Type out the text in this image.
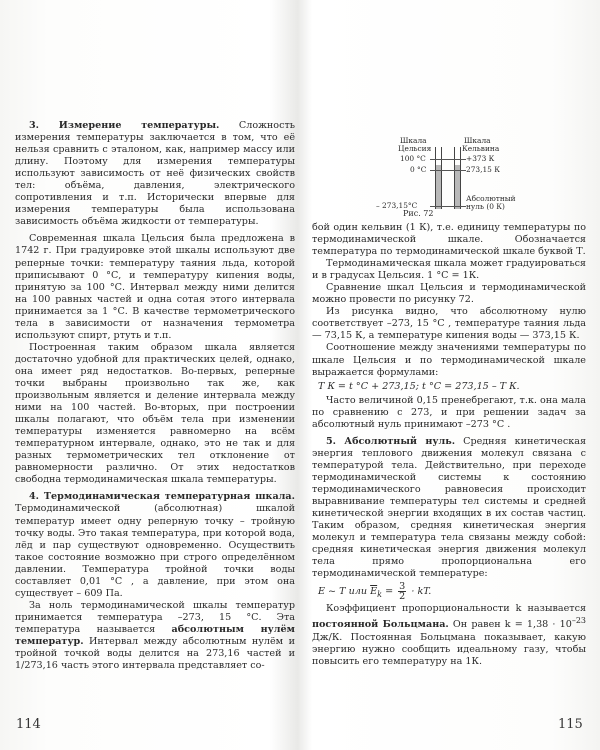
3. Измерение температуры. Сложность измерения температуры заключается в том, что её нельзя сравнить с эталоном, как, например массу или длину. Поэтому для измерения температуры используют зависимость от неё физических свойств тел: объёма, давления, электрического сопротивления и т.п. Исторически впервые для измерения температуры была использована зависимость объёма жидкости от температуры.

Современная шкала Цельсия была предложена в 1742 г. При градуировке этой шкалы используют две реперные точки: температуру таяния льда, которой приписывают 0 °С, и температуру кипения воды, принятую за 100 °С. Интервал между ними делится на 100 равных частей и одна сотая этого интервала принимается за 1 °С. В качестве термометрического тела в зависимости от назначения термометра используют спирт, ртуть и т.п.

Построенная таким образом шкала является достаточно удобной для практических целей, однако, она имеет ряд недостатков. Во-первых, реперные точки выбраны произвольно так же, как произвольным является и деление интервала между ними на 100 частей. Во-вторых, при построении шкалы полагают, что объём тела при изменении температуры изменяется равномерно на всём температурном интервале, однако, это не так и для разных термометрических тел отклонение от равномерности различно. От этих недостатков свободна термодинамическая шкала температуры.

4. Термодинамическая температурная шкала. Термодинамической (абсолютная) шкалой температур имеет одну реперную точку – тройную точку воды. Это такая температура, при которой вода, лёд и пар существуют одновременно. Осуществить такое состояние возможно при строго определённом давлении. Температура тройной точки воды составляет 0,01 °С , а давление, при этом она существует – 609 Па.

За ноль термодинамической шкалы температур принимается температура –273, 15 °С. Эта температура называется абсолютным нулём температур. Интервал между абсолютным нулём и тройной точкой воды делится на 273,16 частей и 1/273,16 часть этого интервала представляет со-

114
Шкала
Цельсия
Шкала
Кельвина
100 °С	+373 К
0 °С	273,15 К
– 273,15°С
Абсолютный
нуль (0 К)
Рис. 72

бой один кельвин (1 К), т.е. единицу температуры по термодинамической шкале. Обозначается температура по термодинамической шкале буквой Т.

Термодинамическая шкала может градуироваться и в градусах Цельсия. 1 °С = 1К.

Сравнение шкал Цельсия и термодинамической можно провести по рисунку 72.

Из рисунка видно, что абсолютному нулю соответствует –273, 15 °С , температуре таяния льда — 73,15 К, а температуре кипения воды — 373,15 К.

Соотношение между значениями температуры по шкале Цельсия и по термодинамической шкале выражается формулами:

T К = t °С + 273,15; t °С = 273,15 – T К.

Часто величиной 0,15 пренебрегают, т.к. она мала по сравнению с 273, и при решении задач за абсолютный нуль принимают –273 °С .

5. Абсолютный нуль. Средняя кинетическая энергия теплового движения молекул связана с температурой тела. Действительно, при переходе термодинамической системы к состоянию термодинамического равновесия происходит выравнивание температуры тел системы и средней кинетической энергии входящих в их состав частиц. Таким образом, средняя кинетическая энергия молекул и температура тела связаны между собой: средняя кинетическая энергия движения молекул тела прямо пропорциональна его термодинамической температуре:

E ~ T или $\overline{E}_k = \frac{3}{2}$ · kT.

Коэффициент пропорциональности k называется постоянной Больцмана. Он равен $k = 1,38 \cdot 10^{-23}$ Дж/К. Постоянная Больцмана показывает, какую энергию нужно сообщить идеальному газу, чтобы повысить его температуру на 1К.

115
